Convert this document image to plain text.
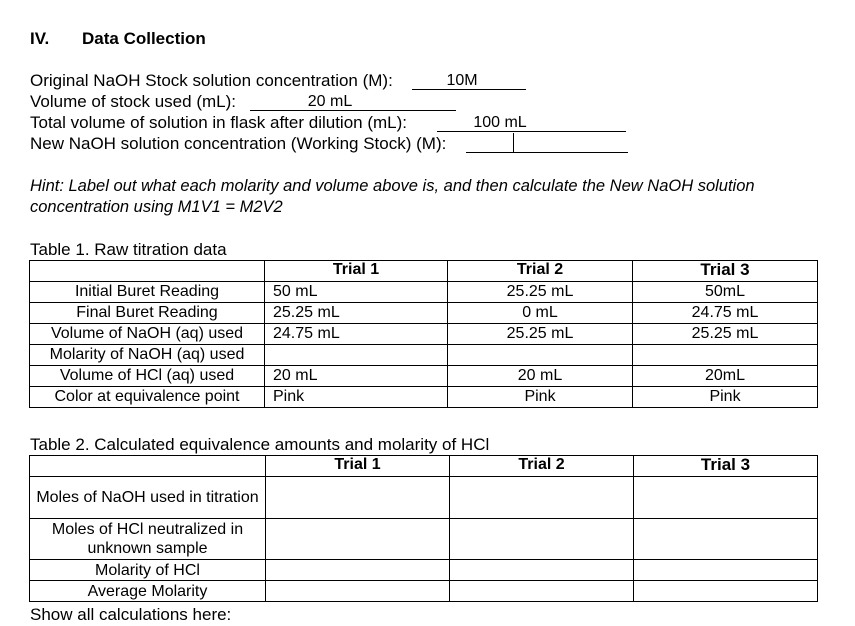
IV. Data Collection
Original NaOH Stock solution concentration (M):	10M
Volume of stock used (mL):	20 mL
Total volume of solution in flask after dilution (mL):	100 mL
New NaOH solution concentration (Working Stock) (M):
Hint: Label out what each molarity and volume above is, and then calculate the New NaOH solution concentration using M1V1 = M2V2
Table 1. Raw titration data
	Trial 1	Trial 2	Trial 3
Initial Buret Reading	50 mL	25.25 mL	50mL
Final Buret Reading	25.25 mL	0 mL	24.75 mL
Volume of NaOH (aq) used	24.75 mL	25.25 mL	25.25 mL
Molarity of NaOH (aq) used			
Volume of HCl (aq) used	20 mL	20 mL	20mL
Color at equivalence point	Pink	Pink	Pink
Table 2. Calculated equivalence amounts and molarity of HCl
	Trial 1	Trial 2	Trial 3
Moles of NaOH used in titration			
Moles of HCl neutralized in unknown sample			
Molarity of HCl			
Average Molarity			
Show all calculations here:
